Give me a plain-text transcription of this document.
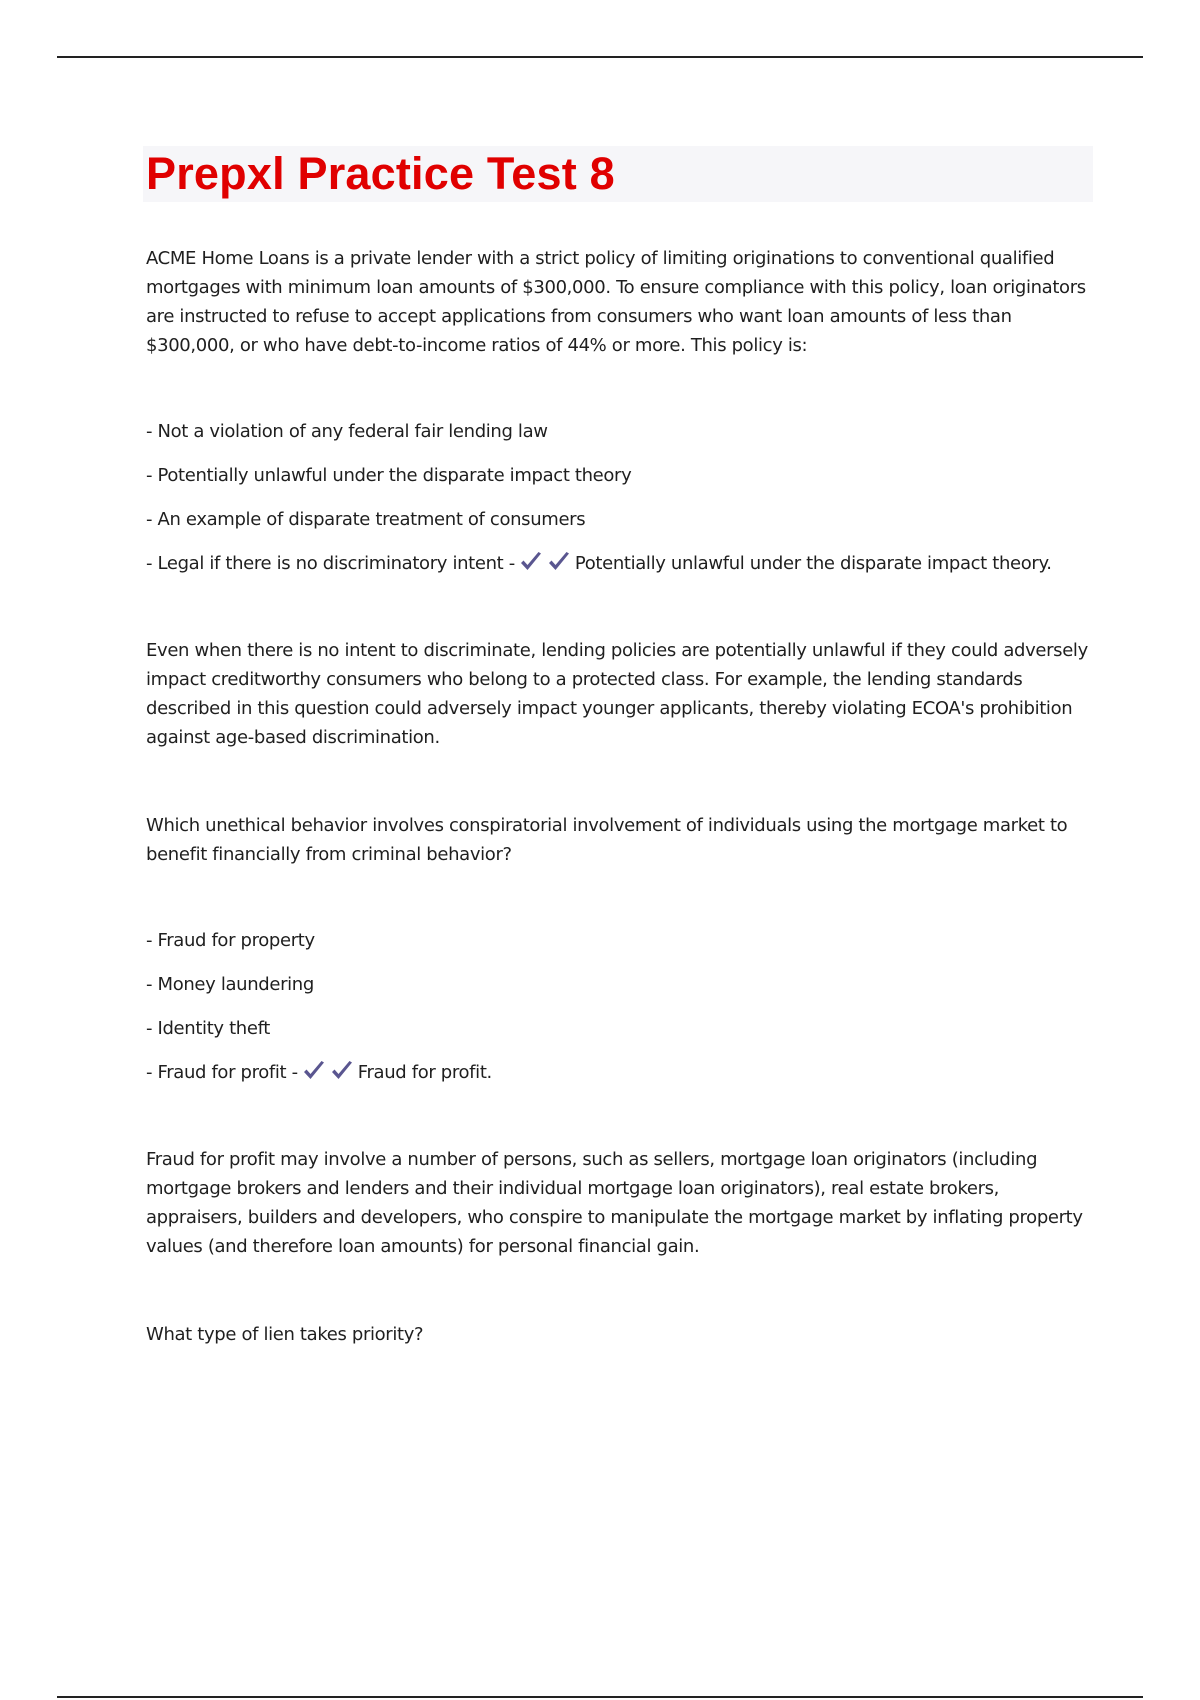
Prepxl Practice Test 8

ACME Home Loans is a private lender with a strict policy of limiting originations to conventional qualified mortgages with minimum loan amounts of $300,000. To ensure compliance with this policy, loan originators are instructed to refuse to accept applications from consumers who want loan amounts of less than $300,000, or who have debt-to-income ratios of 44% or more. This policy is:

- Not a violation of any federal fair lending law
- Potentially unlawful under the disparate impact theory
- An example of disparate treatment of consumers
- Legal if there is no discriminatory intent -	Potentially unlawful under the disparate impact theory.

Even when there is no intent to discriminate, lending policies are potentially unlawful if they could adversely impact creditworthy consumers who belong to a protected class. For example, the lending standards described in this question could adversely impact younger applicants, thereby violating ECOA's prohibition against age-based discrimination.

Which unethical behavior involves conspiratorial involvement of individuals using the mortgage market to benefit financially from criminal behavior?

- Fraud for property
- Money laundering
- Identity theft
- Fraud for profit -	Fraud for profit.

Fraud for profit may involve a number of persons, such as sellers, mortgage loan originators (including mortgage brokers and lenders and their individual mortgage loan originators), real estate brokers, appraisers, builders and developers, who conspire to manipulate the mortgage market by inflating property values (and therefore loan amounts) for personal financial gain.

What type of lien takes priority?
